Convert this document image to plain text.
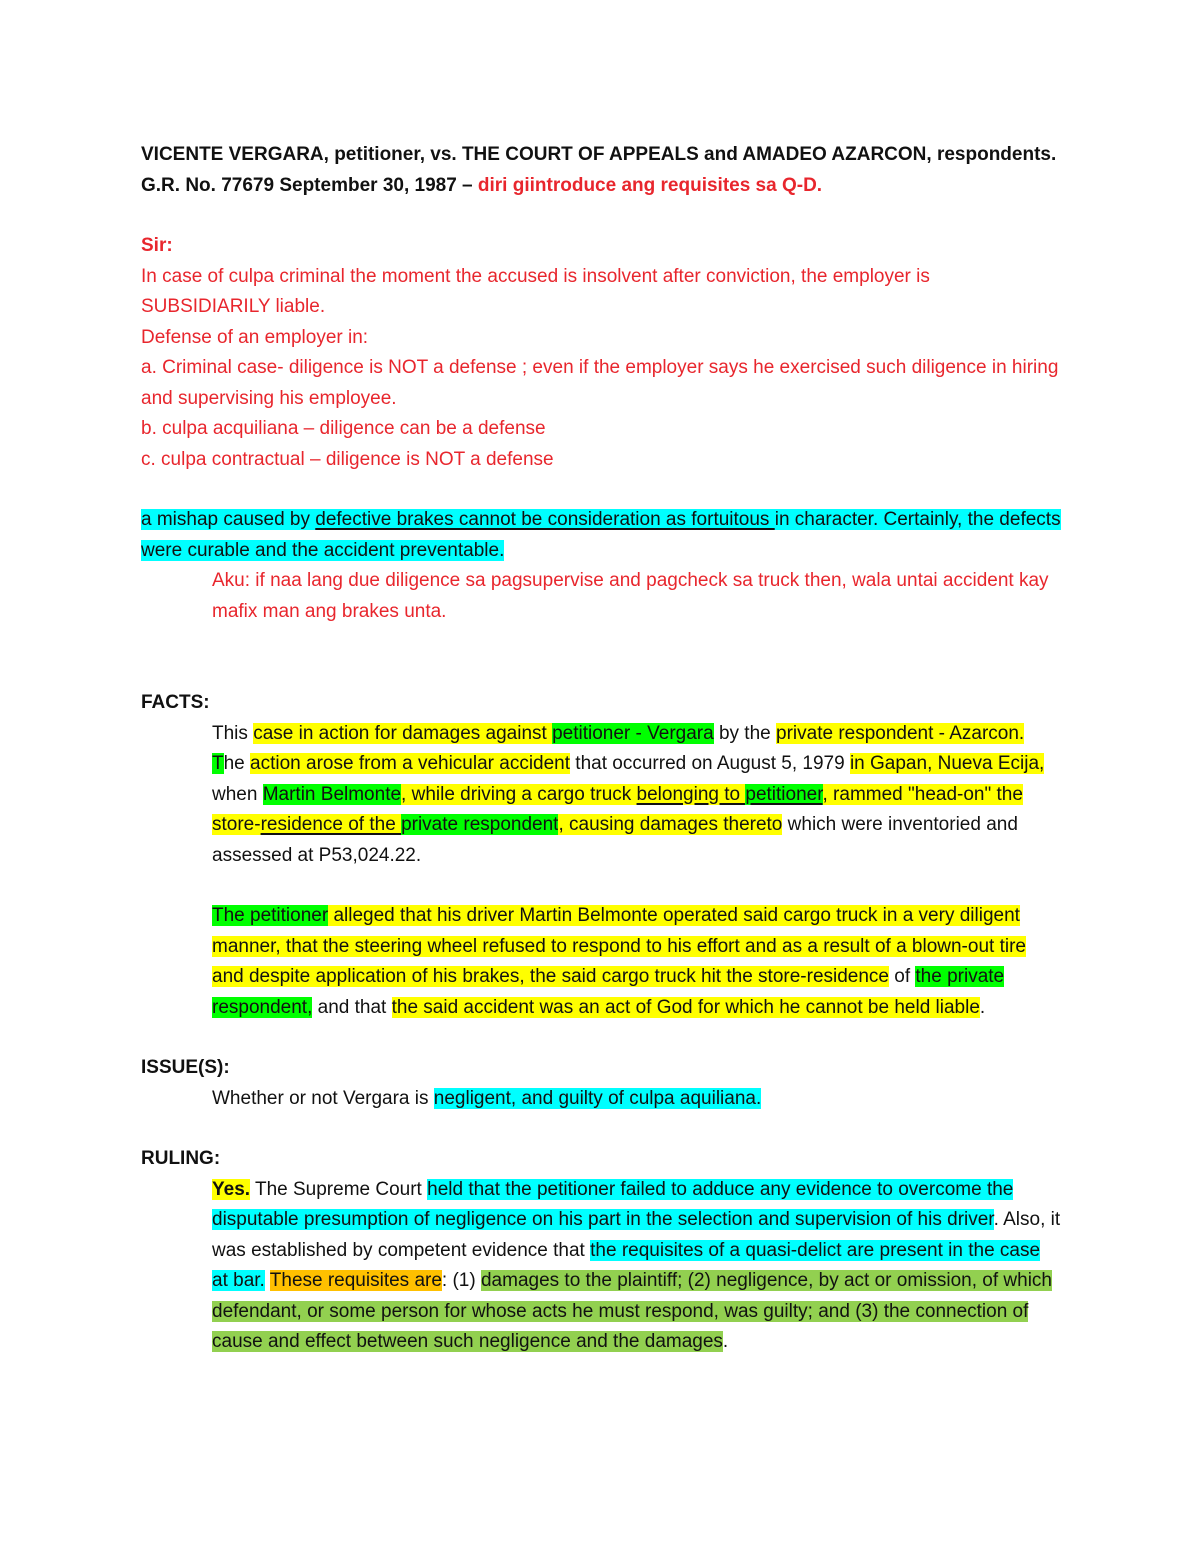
VICENTE VERGARA, petitioner, vs. THE COURT OF APPEALS and AMADEO AZARCON, respondents.

G.R. No. 77679 September 30, 1987 – diri giintroduce ang requisites sa Q-D.

Sir:

In case of culpa criminal the moment the accused is insolvent after conviction, the employer is SUBSIDIARILY liable.

Defense of an employer in:

a. Criminal case- diligence is NOT a defense ; even if the employer says he exercised such diligence in hiring and supervising his employee.

b. culpa acquiliana – diligence can be a defense

c. culpa contractual – diligence is NOT a defense

a mishap caused by defective brakes cannot be consideration as fortuitous in character. Certainly, the defects were curable and the accident preventable.

Aku: if naa lang due diligence sa pagsupervise and pagcheck sa truck then, wala untai accident kay mafix man ang brakes unta.

FACTS:

This case in action for damages against petitioner - Vergara by the private respondent - Azarcon. The action arose from a vehicular accident that occurred on August 5, 1979 in Gapan, Nueva Ecija, when Martin Belmonte, while driving a cargo truck belonging to petitioner, rammed "head-on" the store-residence of the private respondent, causing damages thereto which were inventoried and assessed at P53,024.22.

The petitioner alleged that his driver Martin Belmonte operated said cargo truck in a very diligent manner, that the steering wheel refused to respond to his effort and as a result of a blown-out tire and despite application of his brakes, the said cargo truck hit the store-residence of the private respondent, and that the said accident was an act of God for which he cannot be held liable.

ISSUE(S):

Whether or not Vergara is negligent, and guilty of culpa aquiliana.

RULING:

Yes. The Supreme Court held that the petitioner failed to adduce any evidence to overcome the disputable presumption of negligence on his part in the selection and supervision of his driver. Also, it was established by competent evidence that the requisites of a quasi-delict are present in the case at bar. These requisites are: (1) damages to the plaintiff; (2) negligence, by act or omission, of which defendant, or some person for whose acts he must respond, was guilty; and (3) the connection of cause and effect between such negligence and the damages.
